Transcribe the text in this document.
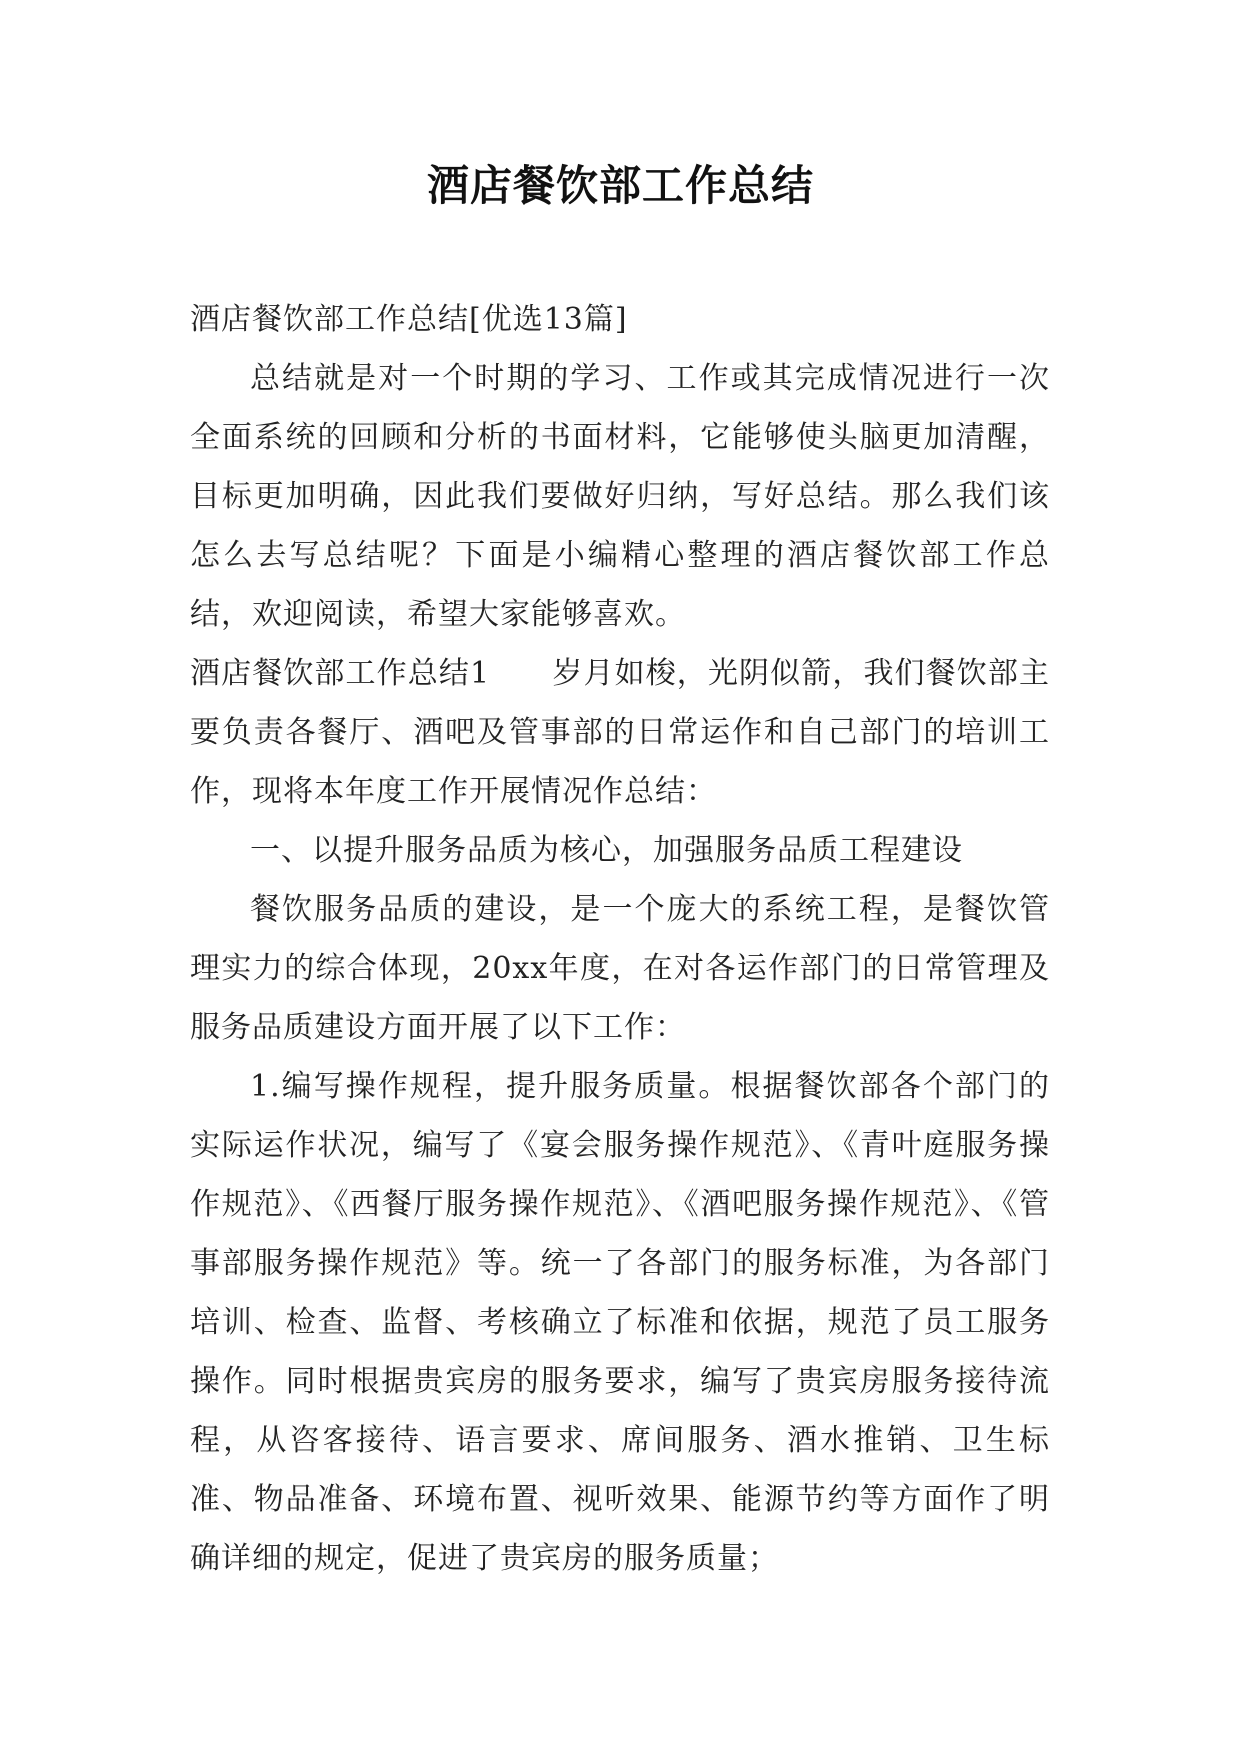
酒店餐饮部工作总结

酒店餐饮部工作总结[优选13篇]

总结就是对一个时期的学习、工作或其完成情况进行一次全面系统的回顾和分析的书面材料，它能够使头脑更加清醒，目标更加明确，因此我们要做好归纳，写好总结。那么我们该怎么去写总结呢？下面是小编精心整理的酒店餐饮部工作总结，欢迎阅读，希望大家能够喜欢。

酒店餐饮部工作总结1　　岁月如梭，光阴似箭，我们餐饮部主要负责各餐厅、酒吧及管事部的日常运作和自己部门的培训工作，现将本年度工作开展情况作总结：

一、以提升服务品质为核心，加强服务品质工程建设

餐饮服务品质的建设，是一个庞大的系统工程，是餐饮管理实力的综合体现，20xx年度，在对各运作部门的日常管理及服务品质建设方面开展了以下工作：

1.编写操作规程，提升服务质量。根据餐饮部各个部门的实际运作状况，编写了《宴会服务操作规范》、《青叶庭服务操作规范》、《西餐厅服务操作规范》、《酒吧服务操作规范》、《管事部服务操作规范》等。统一了各部门的服务标准，为各部门培训、检查、监督、考核确立了标准和依据，规范了员工服务操作。同时根据贵宾房的服务要求，编写了贵宾房服务接待流程，从咨客接待、语言要求、席间服务、酒水推销、卫生标准、物品准备、环境布置、视听效果、能源节约等方面作了明确详细的规定，促进了贵宾房的服务质量；
